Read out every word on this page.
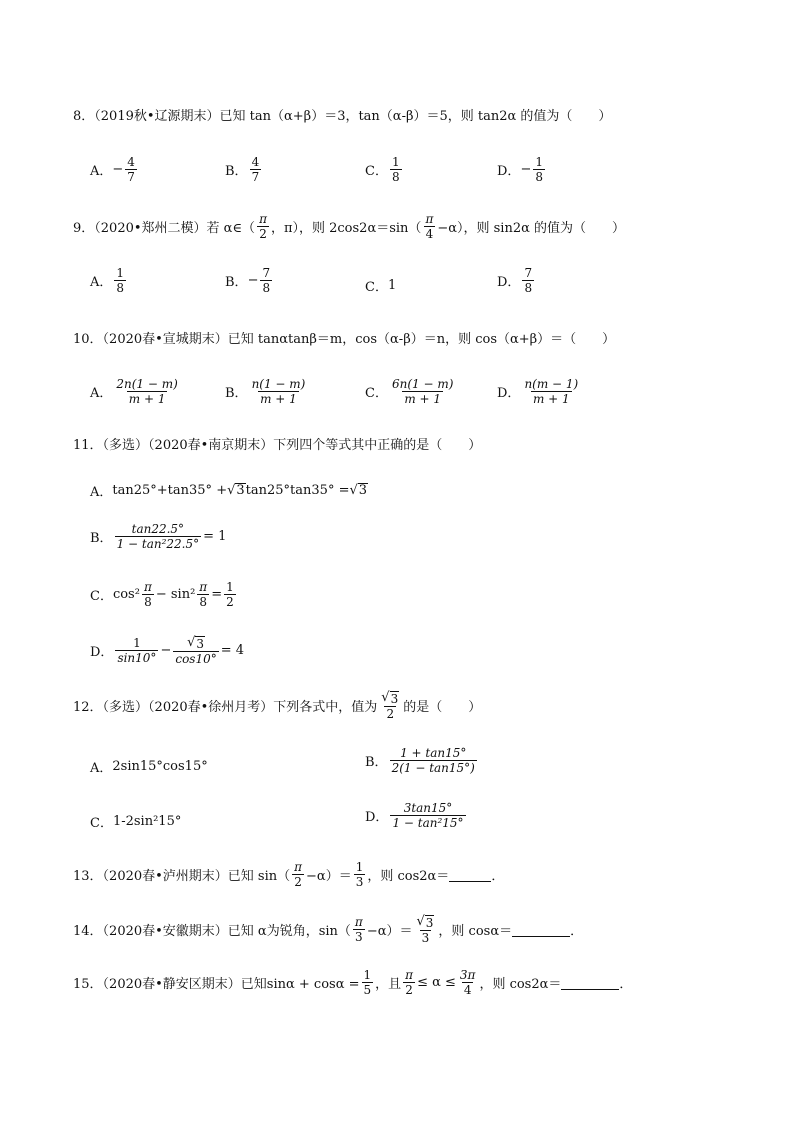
8．（2019秋•辽源期末）已知 tan（α+β）＝3，tan（α-β）＝5，则 tan2α 的值为（　　）
A． − $\frac{4}{7}$	B． $\frac{4}{7}$	C． $\frac{1}{8}$	D． − $\frac{1}{8}$
9．（2020•郑州二模）若 α∈（ $\frac{\pi}{2}$ ，π），则 $2\cos 2\alpha=\sin( \frac{\pi}{4} -\alpha)$，则 sin2α 的值为（　　）
A． $\frac{1}{8}$	B． − $\frac{7}{8}$	C． 1	D． $\frac{7}{8}$
10．（2020春•宣城期末）已知 tanαtanβ＝m，cos（α-β）＝n，则 cos（α+β）＝（　　）
A． $\frac{2n(1 - m)}{m + 1}$	B． $\frac{n(1 - m)}{m + 1}$	C． $\frac{6n(1 - m)}{m + 1}$	D． $\frac{n(m - 1)}{m + 1}$
11．（多选）（2020春•南京期末）下列四个等式其中正确的是（　　）
A． tan25°+tan35° + √ 3 tan25°tan35° = √ 3
B． $\frac{\tan 22.5^\circ}{\text{1 − tan²22.5°}} = 1$
C． $\cos^2 \frac{\pi}{8} - \sin^2 \frac{\pi}{8} = \frac{1}{2}$
D． $\frac{1}{\sin 10^\circ} - \frac{√ 3}{\cos 10^\circ} = 4$
12．（多选）（2020春•徐州月考）下列各式中，值为 $\frac{√ 3}{2}$ 的是（　　）
A． 2sin15°cos15°	B． $\frac{1 + \tan 15^\circ}{2(1 - \tan 15^\circ)}$
C． 1-2sin²15°	D． $\frac{3\tan 15^\circ}{\text{1 − tan²15°}}$
13．（2020春•泸州期末）已知 $\sin( \frac{\pi}{2} -\alpha)= \frac{1}{3}$ ，则 cos2α＝	．
14．（2020春•安徽期末）已知 α为锐角，$\sin( \frac{\pi}{3} -\alpha)= \frac{√ 3}{3}$ ，则 cosα＝	．
15．（2020春•静安区期末）已知$\sin\alpha + \cos\alpha = \frac{1}{5}$ ，且 $\frac{\pi}{2} \le \alpha \le \frac{3\pi}{4}$ ，则 cos2α＝	．
